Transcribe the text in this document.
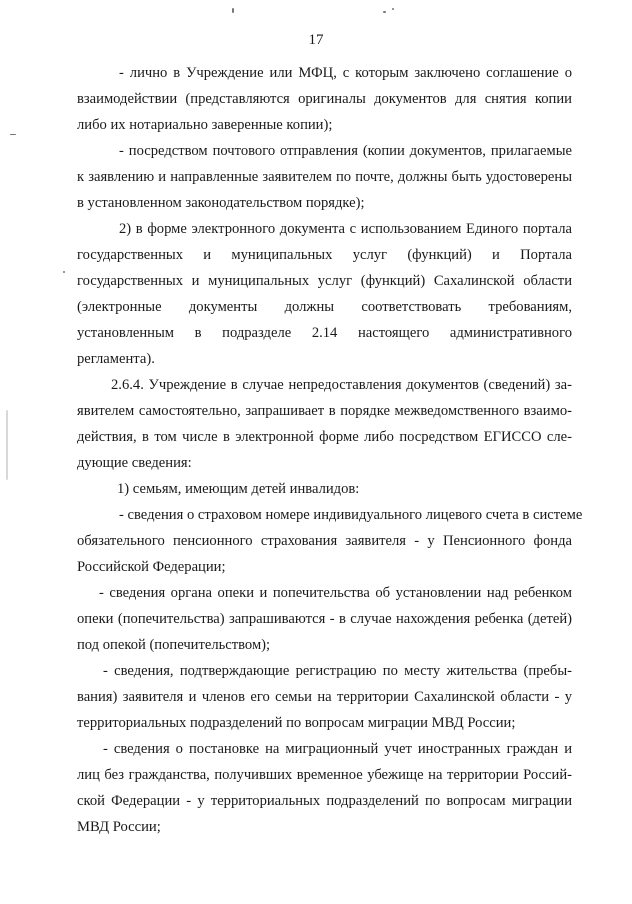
17

- лично в Учреждение или МФЦ, с которым заключено соглашение о
взаимодействии (представляются оригиналы документов для снятия копии
либо их нотариально заверенные копии);

- посредством почтового отправления (копии документов, прилагаемые
к заявлению и направленные заявителем по почте, должны быть удостоверены
в установленном законодательством порядке);

2) в форме электронного документа с использованием Единого портала
государственных и муниципальных услуг (функций) и Портала
государственных и муниципальных услуг (функций) Сахалинской области
(электронные документы должны соответствовать требованиям,
установленным в подразделе 2.14 настоящего административного
регламента).

2.6.4. Учреждение в случае непредоставления документов (сведений) за-
явителем самостоятельно, запрашивает в порядке межведомственного взаимо-
действия, в том числе в электронной форме либо посредством ЕГИССО сле-
дующие сведения:

1) семьям, имеющим детей инвалидов:

- сведения о страховом номере индивидуального лицевого счета в системе
обязательного пенсионного страхования заявителя - у Пенсионного фонда
Российской Федерации;

- сведения органа опеки и попечительства об установлении над ребенком
опеки (попечительства) запрашиваются - в случае нахождения ребенка (детей)
под опекой (попечительством);

- сведения, подтверждающие регистрацию по месту жительства (пребы-
вания) заявителя и членов его семьи на территории Сахалинской области - у
территориальных подразделений по вопросам миграции МВД России;

- сведения о постановке на миграционный учет иностранных граждан и
лиц без гражданства, получивших временное убежище на территории Россий-
ской Федерации - у территориальных подразделений по вопросам миграции
МВД России;
